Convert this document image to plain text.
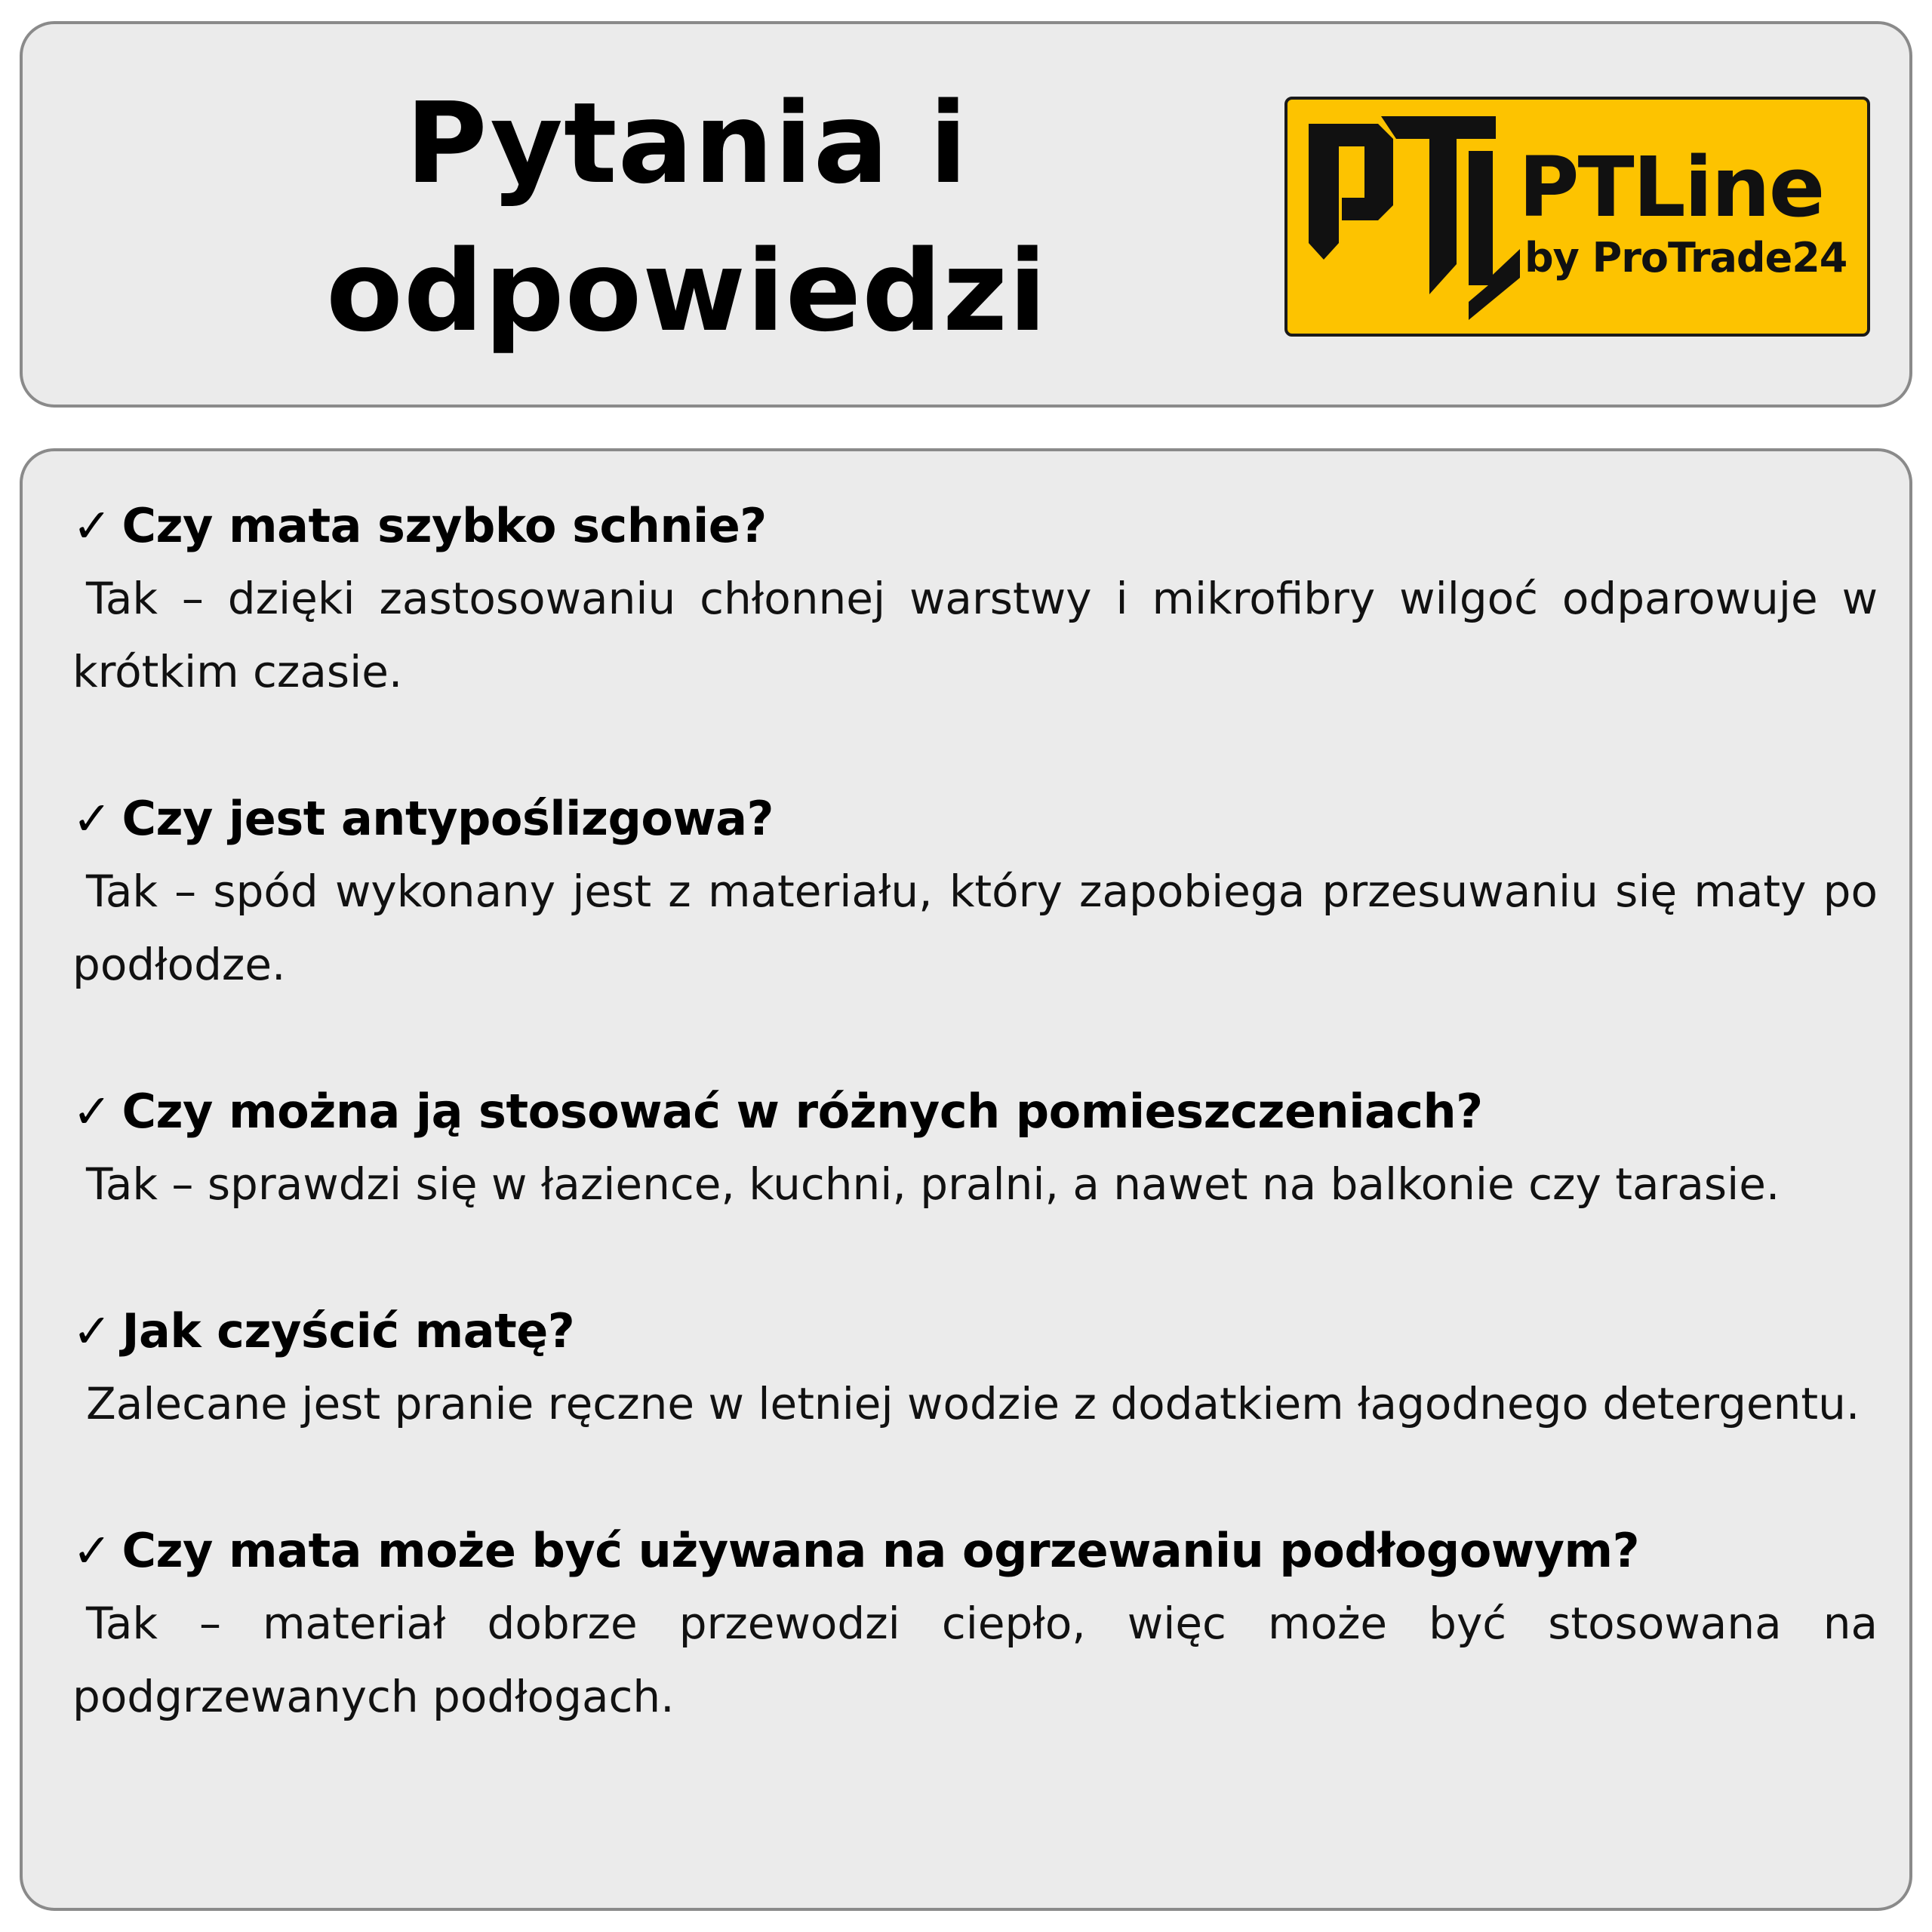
Pytania i
odpowiedzi
PTLine
by ProTrade24
✓ Czy mata szybko schnie?

Tak – dzięki zastosowaniu chłonnej warstwy i mikrofibry wilgoć odparowuje w krótkim czasie.

✓ Czy jest antypoślizgowa?

Tak – spód wykonany jest z materiału, który zapobiega przesuwaniu się maty po podłodze.

✓ Czy można ją stosować w różnych pomieszczeniach?

Tak – sprawdzi się w łazience, kuchni, pralni, a nawet na balkonie czy tarasie.

✓ Jak czyścić matę?

Zalecane jest pranie ręczne w letniej wodzie z dodatkiem łagodnego detergentu.

✓ Czy mata może być używana na ogrzewaniu podłogowym?

Tak – materiał dobrze przewodzi ciepło, więc może być stosowana na podgrzewanych podłogach.
